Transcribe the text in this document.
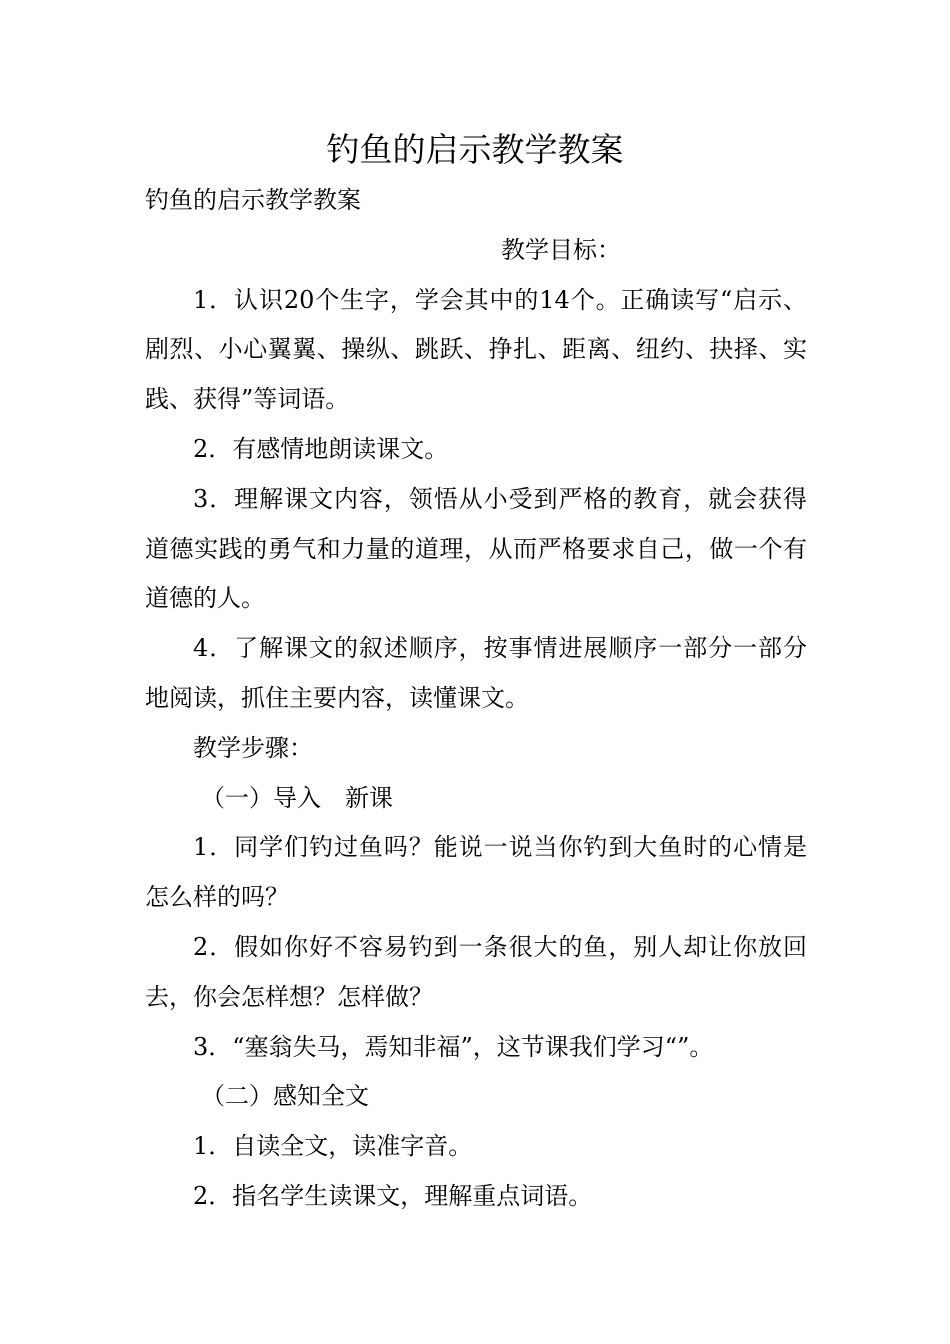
钓鱼的启示教学教案

钓鱼的启示教学教案

教学目标：

1．认识20个生字，学会其中的14个。正确读写“启示、剧烈、小心翼翼、操纵、跳跃、挣扎、距离、纽约、抉择、实践、获得”等词语。

2．有感情地朗读课文。

3．理解课文内容，领悟从小受到严格的教育，就会获得道德实践的勇气和力量的道理，从而严格要求自己，做一个有道德的人。

4．了解课文的叙述顺序，按事情进展顺序一部分一部分地阅读，抓住主要内容，读懂课文。

教学步骤：

（一）导入　新课

1．同学们钓过鱼吗？能说一说当你钓到大鱼时的心情是怎么样的吗？

2．假如你好不容易钓到一条很大的鱼，别人却让你放回去，你会怎样想？怎样做？

3．“塞翁失马，焉知非福”，这节课我们学习“”。

（二）感知全文

1．自读全文，读准字音。

2．指名学生读课文，理解重点词语。
